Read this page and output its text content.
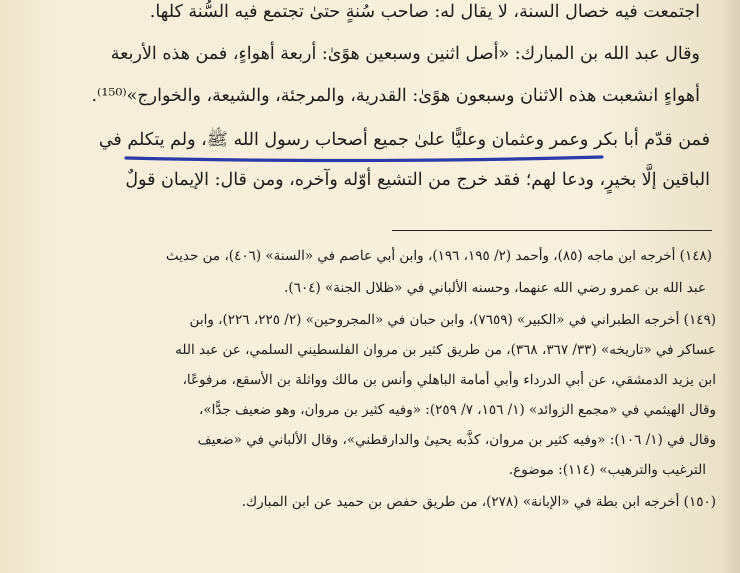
اجتمعت فيه خصال السنة، لا يقال له: صاحب سُنةٍ حتىٰ تجتمع فيه السُّنة كلها.
وقال عبد الله بن المبارك: «أصل اثنين وسبعين هوًىٰ: أربعة أهواءٍ، فمن هذه الأربعة
أهواءٍ انشعبت هذه الاثنان وسبعون هوًىٰ: القدرية، والمرجئة، والشيعة، والخوارج»⁽¹⁵⁰⁾.
فمن قدّم أبا بكر وعمر وعثمان وعليًّا علىٰ جميع أصحاب رسول الله ﷺ، ولم يتكلم في
الباقين إلَّا بخيرٍ، ودعا لهم؛ فقد خرج من التشيع أوّله وآخره، ومن قال: الإيمان قولٌ
(١٤٨) أخرجه ابن ماجه (٨٥)، وأحمد (٢/ ١٩٥، ١٩٦)، وابن أبي عاصم في «السنة» (٤٠٦)، من حديث
عبد الله بن عمرو رضي الله عنهما، وحسنه الألباني في «ظلال الجنة» (٦٠٤).
(١٤٩) أخرجه الطبراني في «الكبير» (٧٦٥٩)، وابن حبان في «المجروحين» (٢/ ٢٢٥، ٢٢٦)، وابن
عساكر في «تاريخه» (٣٣/ ٣٦٧، ٣٦٨)، من طريق كثير بن مروان الفلسطيني السلمي، عن عبد الله
ابن يزيد الدمشقي، عن أبي الدرداء وأبي أمامة الباهلي وأنس بن مالك وواثلة بن الأسقع، مرفوعًا،
وقال الهيثمي في «مجمع الزوائد» (١/ ١٥٦، ٧/ ٢٥٩): «وفيه كثير بن مروان، وهو ضعيف جدًّا»،
وقال في (١/ ١٠٦): «وفيه كثير بن مروان، كذَّبه يحيىٰ والدارقطني»، وقال الألباني في «ضعيف
الترغيب والترهيب» (١١٤): موضوع.
(١٥٠) أخرجه ابن بطة في «الإبانة» (٢٧٨)، من طريق حفص بن حميد عن ابن المبارك.
